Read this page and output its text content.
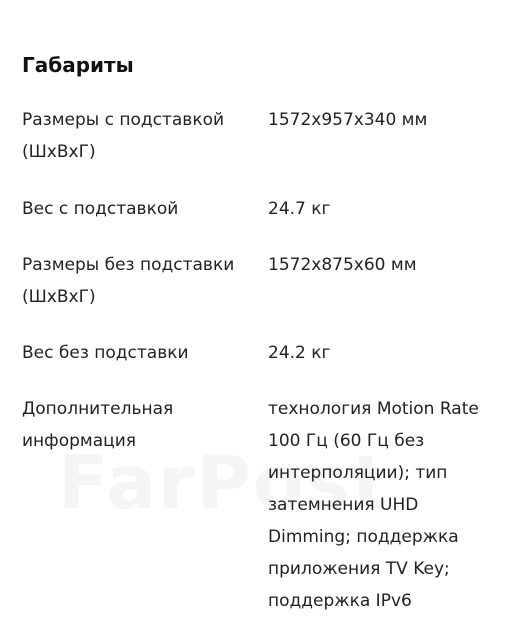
Габариты
Размеры с подставкой (ШхВхГ)
1572x957x340 мм
Вес с подставкой	24.7 кг
Размеры без подставки (ШхВхГ)
1572x875x60 мм
Вес без подставки	24.2 кг
Дополнительная информация
технология Motion Rate 100 Гц (60 Гц без интерполяции); тип затемнения UHD Dimming; поддержка приложения TV Key; поддержка IPv6
